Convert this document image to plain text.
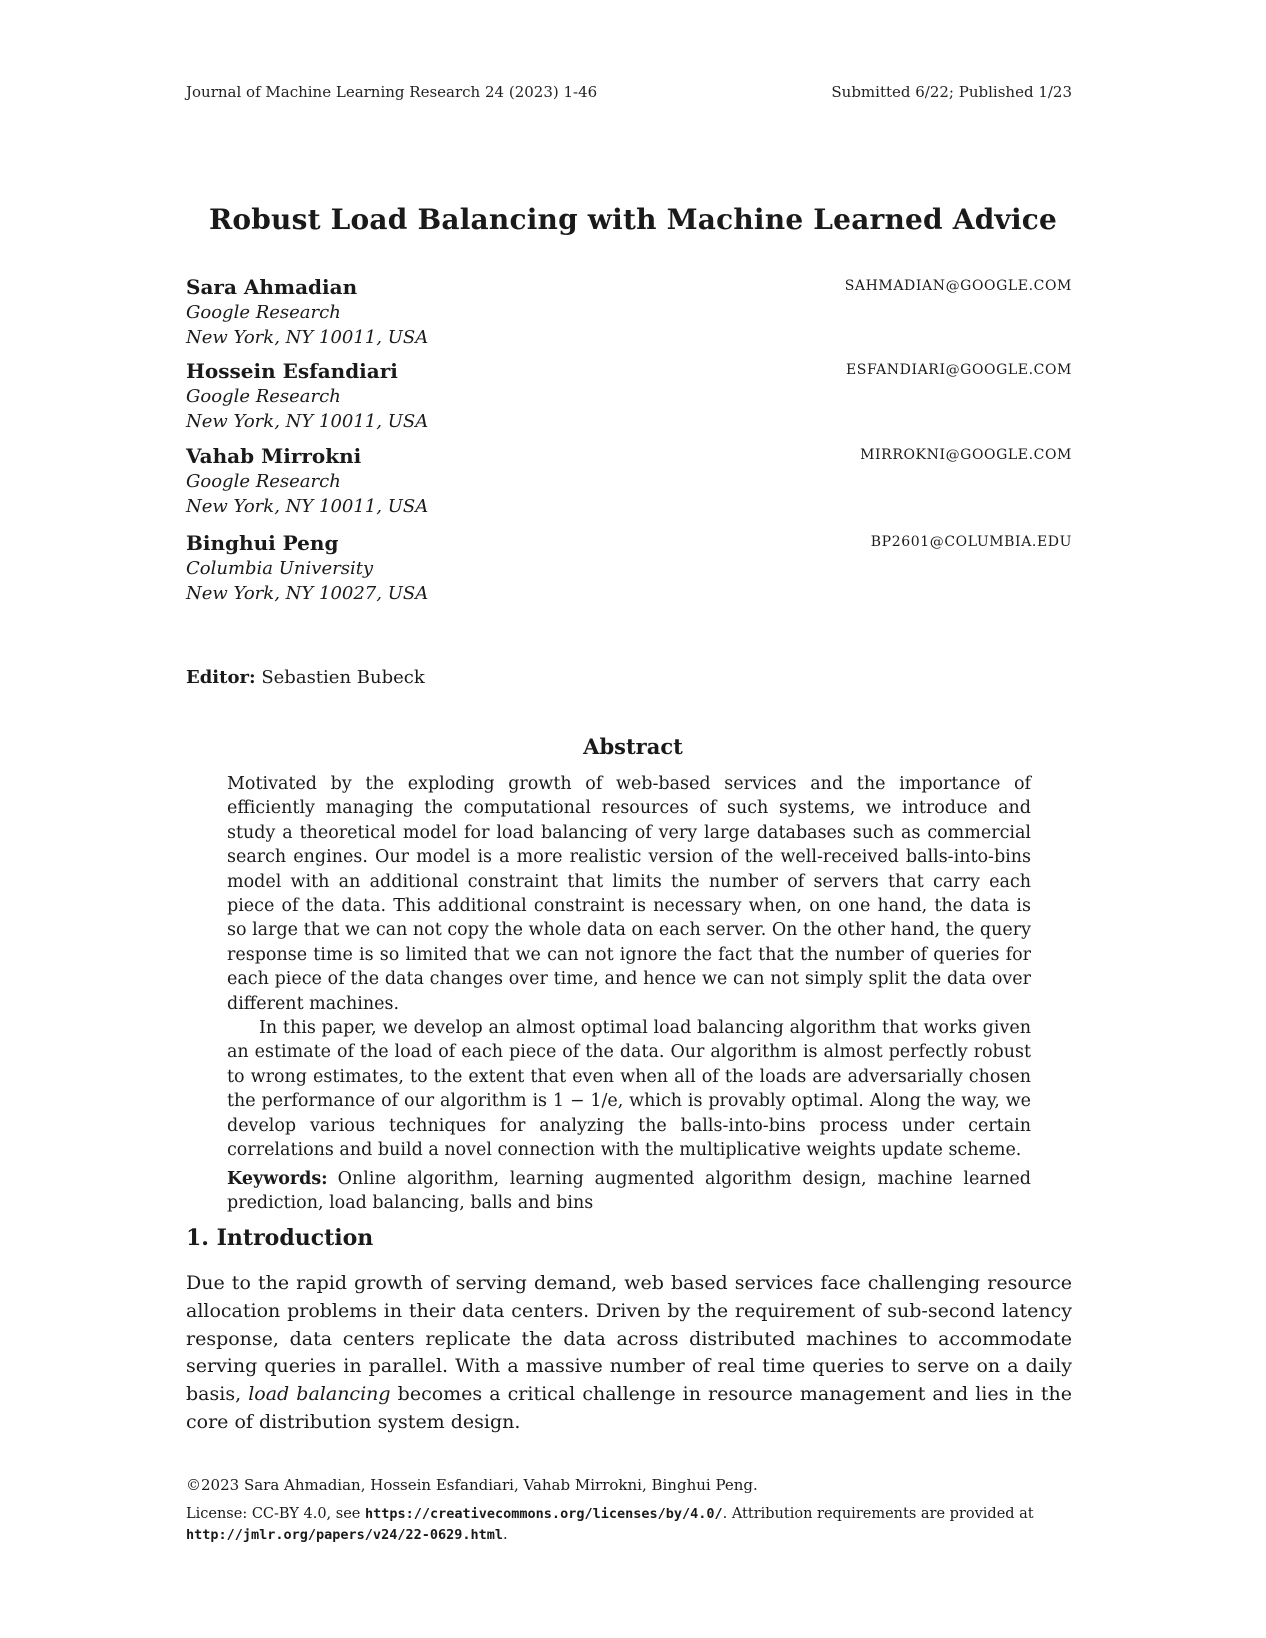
Journal of Machine Learning Research 24 (2023) 1-46	Submitted 6/22; Published 1/23
Robust Load Balancing with Machine Learned Advice
Sara Ahmadian
Google Research
New York, NY 10011, USA
SAHMADIAN@GOOGLE.COM
Hossein Esfandiari
Google Research
New York, NY 10011, USA
ESFANDIARI@GOOGLE.COM
Vahab Mirrokni
Google Research
New York, NY 10011, USA
MIRROKNI@GOOGLE.COM
Binghui Peng
Columbia University
New York, NY 10027, USA
BP2601@COLUMBIA.EDU
Editor: Sebastien Bubeck
Abstract

Motivated by the exploding growth of web-based services and the importance of efficiently managing the computational resources of such systems, we introduce and study a theoretical model for load balancing of very large databases such as commercial search engines. Our model is a more realistic version of the well-received balls-into-bins model with an additional constraint that limits the number of servers that carry each piece of the data. This additional constraint is necessary when, on one hand, the data is so large that we can not copy the whole data on each server. On the other hand, the query response time is so limited that we can not ignore the fact that the number of queries for each piece of the data changes over time, and hence we can not simply split the data over different machines.

In this paper, we develop an almost optimal load balancing algorithm that works given an estimate of the load of each piece of the data. Our algorithm is almost perfectly robust to wrong estimates, to the extent that even when all of the loads are adversarially chosen the performance of our algorithm is 1 − 1/e, which is provably optimal. Along the way, we develop various techniques for analyzing the balls-into-bins process under certain correlations and build a novel connection with the multiplicative weights update scheme.

Keywords: Online algorithm, learning augmented algorithm design, machine learned prediction, load balancing, balls and bins

1. Introduction
Due to the rapid growth of serving demand, web based services face challenging resource allocation problems in their data centers. Driven by the requirement of sub-second latency response, data centers replicate the data across distributed machines to accommodate serving queries in parallel. With a massive number of real time queries to serve on a daily basis, load balancing becomes a critical challenge in resource management and lies in the core of distribution system design.
©2023 Sara Ahmadian, Hossein Esfandiari, Vahab Mirrokni, Binghui Peng.
License: CC-BY 4.0, see https://creativecommons.org/licenses/by/4.0/. Attribution requirements are provided at http://jmlr.org/papers/v24/22-0629.html.
